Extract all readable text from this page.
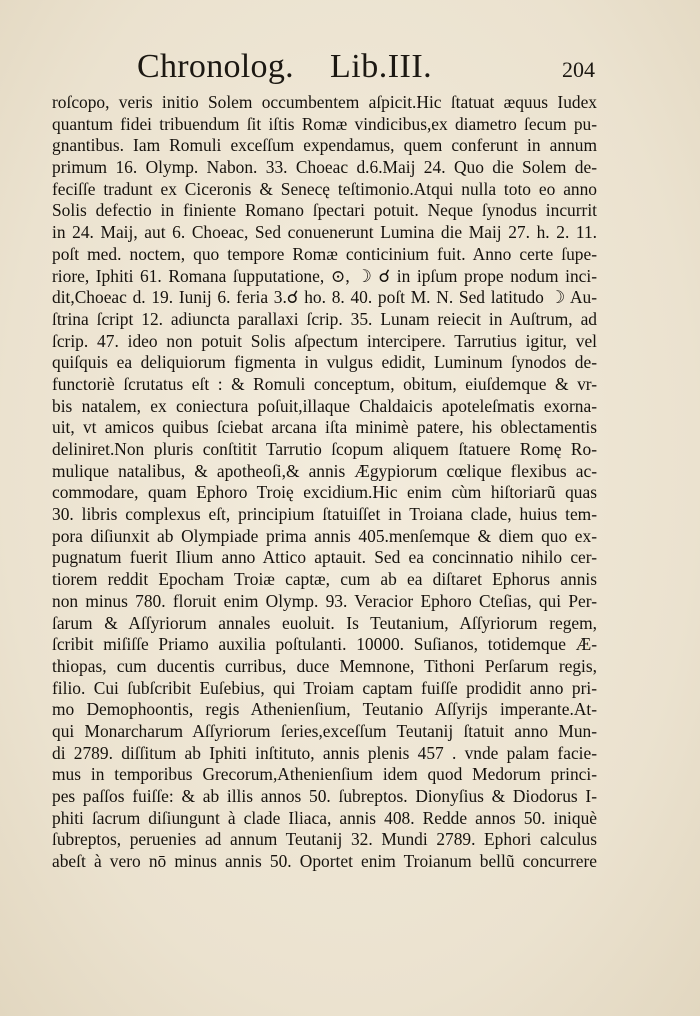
Chronolog. Lib.III.	204
roſcopo, veris initio Solem occumbentem aſpicit.Hic ſtatuat æquus Iudex
quantum fidei tribuendum ſit iſtis Romæ vindicibus,ex diametro ſecum pu-
gnantibus. Iam Romuli exceſſum expendamus, quem conferunt in annum
primum 16. Olymp. Nabon. 33. Choeac d.6.Maij 24. Quo die Solem de-
feciſſe tradunt ex Ciceronis & Senecę teſtimonio.Atqui nulla toto eo anno
Solis defectio in finiente Romano ſpectari potuit. Neque ſynodus incurrit
in 24. Maij, aut 6. Choeac, Sed conuenerunt Lumina die Maij 27. h. 2. 11.
poſt med. noctem, quo tempore Romæ conticinium fuit. Anno certe ſupe-
riore, Iphiti 61. Romana ſupputatione, ⊙, ☽ ☌ in ipſum prope nodum inci-
dit,Choeac d. 19. Iunij 6. feria 3.☌ ho. 8. 40. poſt M. N. Sed latitudo ☽ Au-
ſtrina ſcript 12. adiuncta parallaxi ſcrip. 35. Lunam reiecit in Auſtrum, ad
ſcrip. 47. ideo non potuit Solis aſpectum intercipere. Tarrutius igitur, vel
quiſquis ea deliquiorum figmenta in vulgus edidit, Luminum ſynodos de-
functoriè ſcrutatus eſt : & Romuli conceptum, obitum, eiuſdemque & vr-
bis natalem, ex coniectura poſuit,illaque Chaldaicis apoteleſmatis exorna-
uit, vt amicos quibus ſciebat arcana iſta minimè patere, his oblectamentis
deliniret.Non pluris conſtitit Tarrutio ſcopum aliquem ſtatuere Romę Ro-
mulique natalibus, & apotheoſi,& annis Ægypiorum cœlique flexibus ac-
commodare, quam Ephoro Troię excidium.Hic enim cùm hiſtoriarũ quas
30. libris complexus eſt, principium ſtatuiſſet in Troiana clade, huius tem-
pora diſiunxit ab Olympiade prima annis 405.menſemque & diem quo ex-
pugnatum fuerit Ilium anno Attico aptauit. Sed ea concinnatio nihilo cer-
tiorem reddit Epocham Troiæ captæ, cum ab ea diſtaret Ephorus annis
non minus 780. floruit enim Olymp. 93. Veracior Ephoro Cteſias, qui Per-
ſarum & Aſſyriorum annales euoluit. Is Teutanium, Aſſyriorum regem,
ſcribit miſiſſe Priamo auxilia poſtulanti. 10000. Suſianos, totidemque Æ-
thiopas, cum ducentis curribus, duce Memnone, Tithoni Perſarum regis,
filio. Cui ſubſcribit Euſebius, qui Troiam captam fuiſſe prodidit anno pri-
mo Demophoontis, regis Athenienſium, Teutanio Aſſyrijs imperante.At-
qui Monarcharum Aſſyriorum ſeries,exceſſum Teutanij ſtatuit anno Mun-
di 2789. diſſitum ab Iphiti inſtituto, annis plenis 457 . vnde palam facie-
mus in temporibus Grecorum,Athenienſium idem quod Medorum princi-
pes paſſos fuiſſe: & ab illis annos 50. ſubreptos. Dionyſius & Diodorus I-
phiti ſacrum diſiungunt à clade Iliaca, annis 408. Redde annos 50. iniquè
ſubreptos, peruenies ad annum Teutanij 32. Mundi 2789. Ephori calculus
abeſt à vero nō minus annis 50. Oportet enim Troianum bellũ concurrere
